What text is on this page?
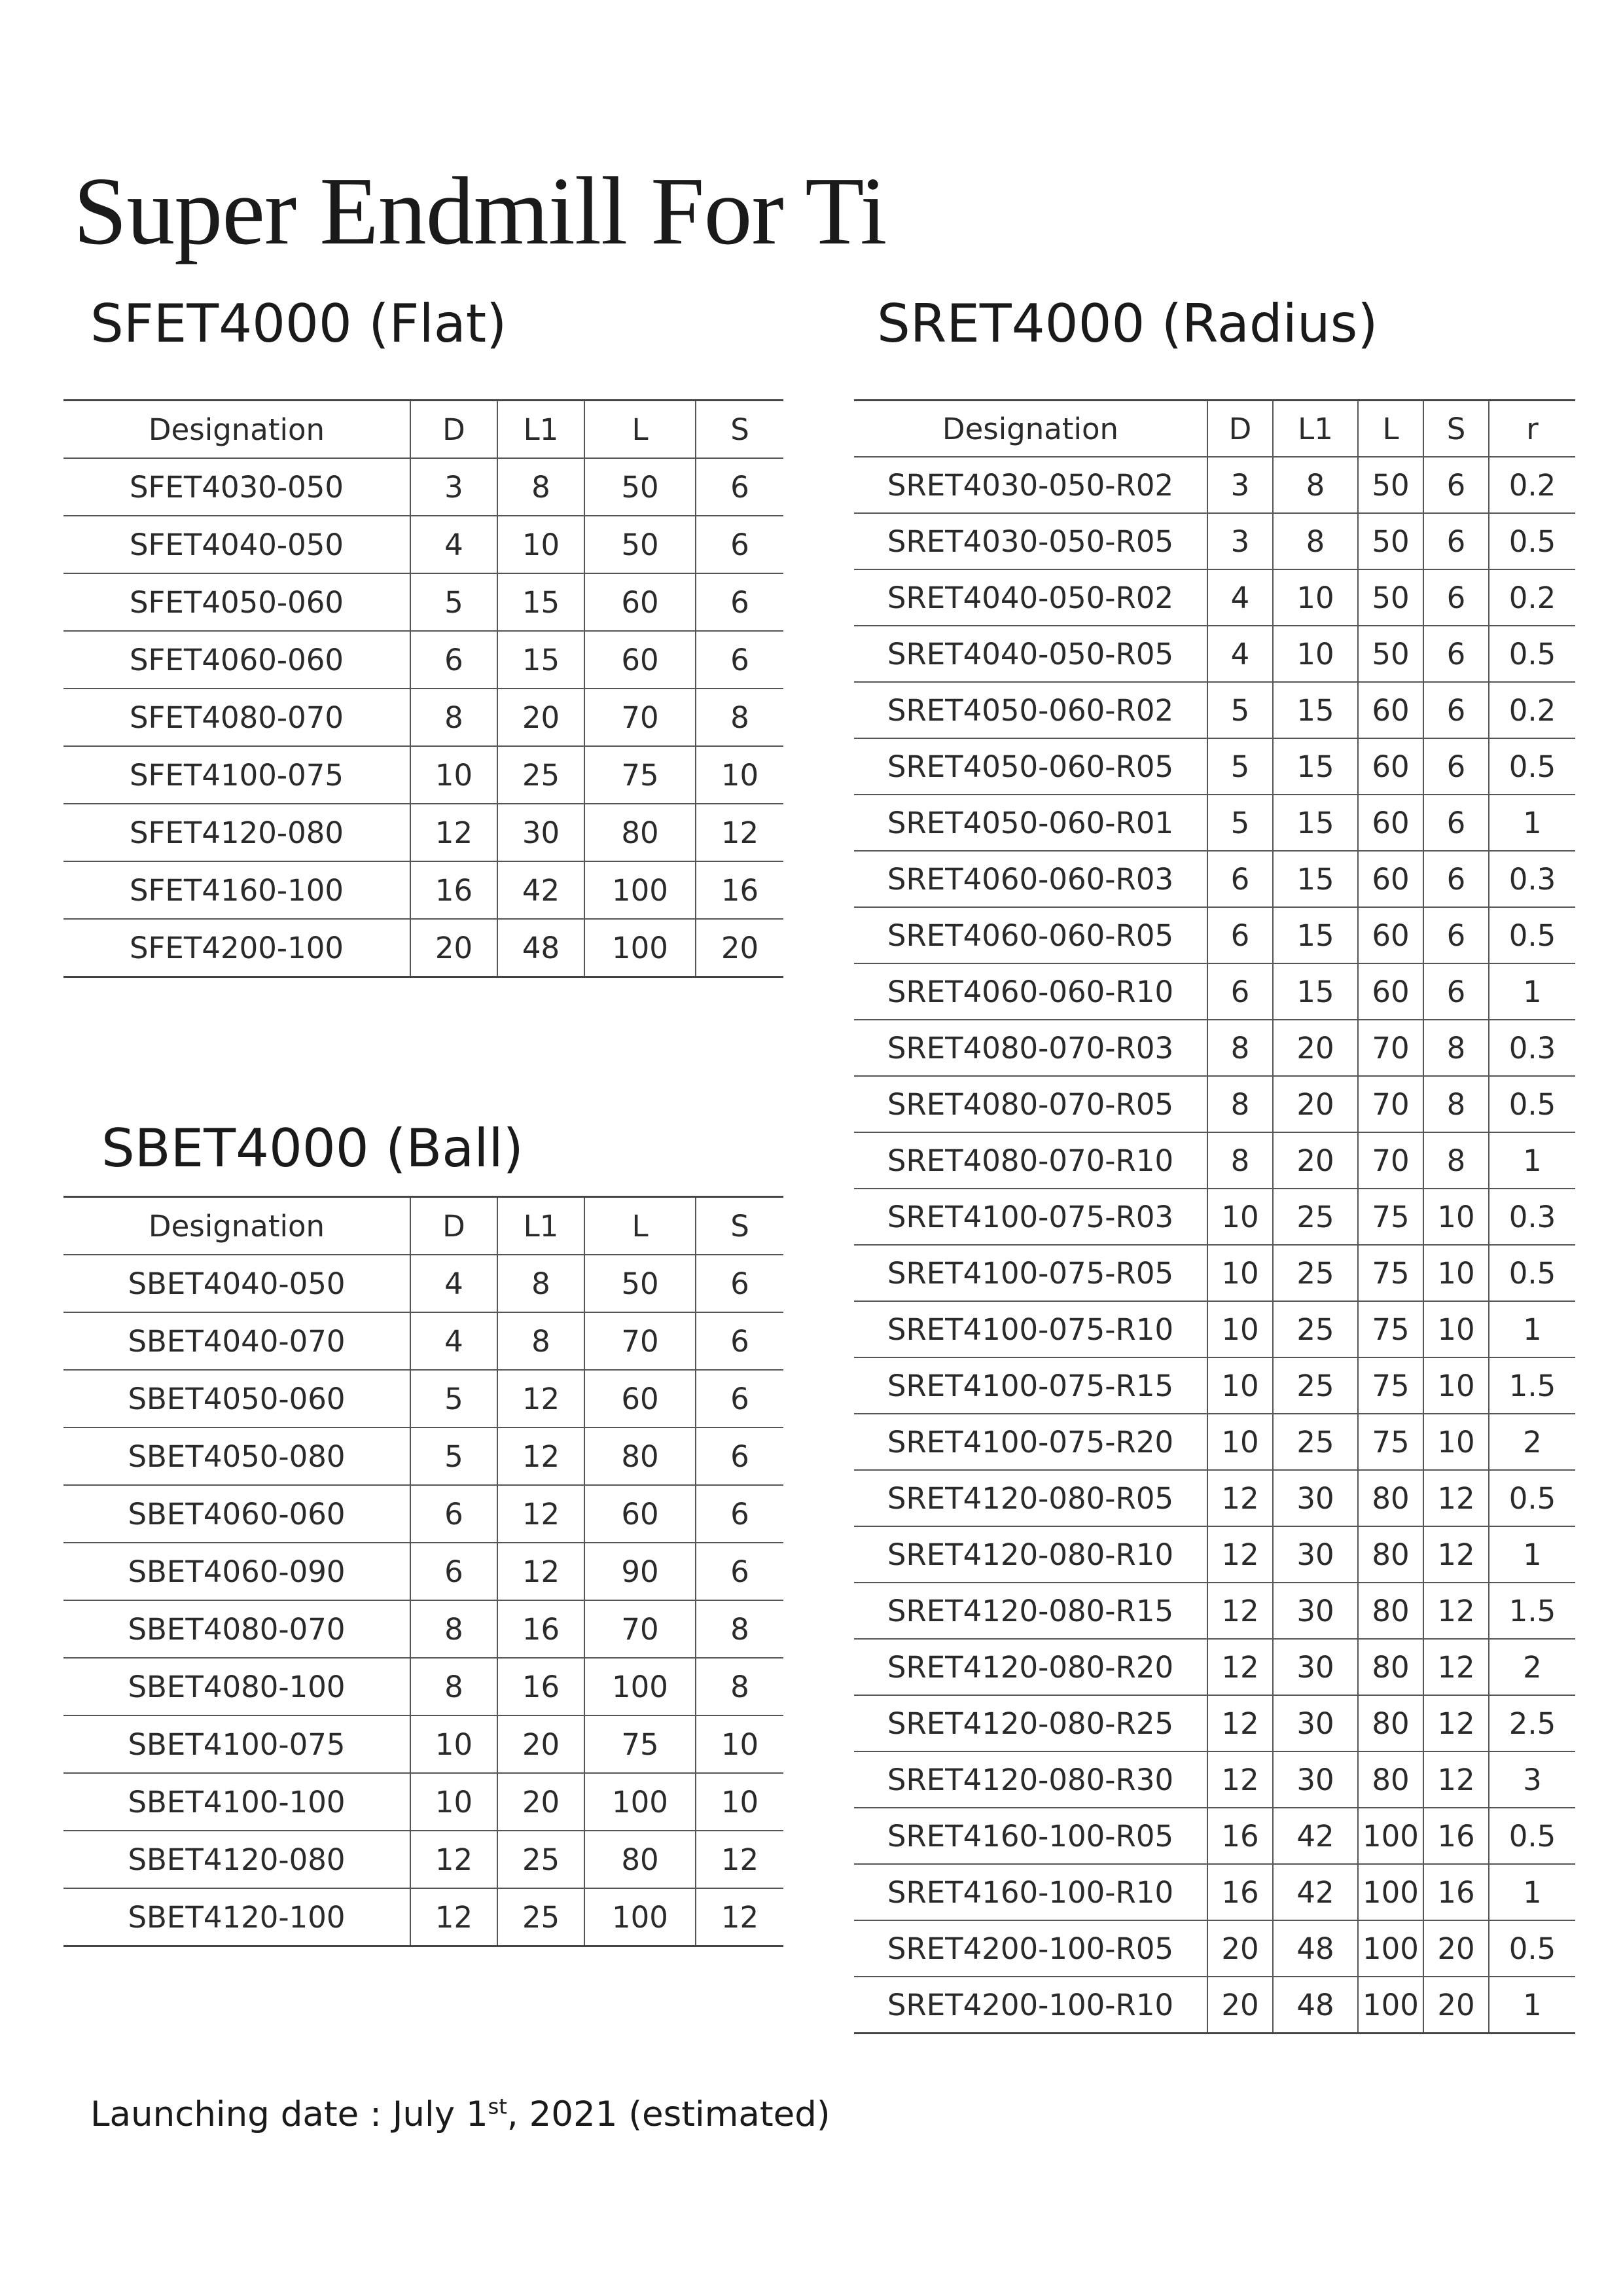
Super Endmill For Ti
SFET4000 (Flat)
Designation	D	L1	L	S
SFET4030-050	3	8	50	6
SFET4040-050	4	10	50	6
SFET4050-060	5	15	60	6
SFET4060-060	6	15	60	6
SFET4080-070	8	20	70	8
SFET4100-075	10	25	75	10
SFET4120-080	12	30	80	12
SFET4160-100	16	42	100	16
SFET4200-100	20	48	100	20
SBET4000 (Ball)
Designation	D	L1	L	S
SBET4040-050	4	8	50	6
SBET4040-070	4	8	70	6
SBET4050-060	5	12	60	6
SBET4050-080	5	12	80	6
SBET4060-060	6	12	60	6
SBET4060-090	6	12	90	6
SBET4080-070	8	16	70	8
SBET4080-100	8	16	100	8
SBET4100-075	10	20	75	10
SBET4100-100	10	20	100	10
SBET4120-080	12	25	80	12
SBET4120-100	12	25	100	12
SRET4000 (Radius)
Designation	D	L1	L	S	r
SRET4030-050-R02	3	8	50	6	0.2
SRET4030-050-R05	3	8	50	6	0.5
SRET4040-050-R02	4	10	50	6	0.2
SRET4040-050-R05	4	10	50	6	0.5
SRET4050-060-R02	5	15	60	6	0.2
SRET4050-060-R05	5	15	60	6	0.5
SRET4050-060-R01	5	15	60	6	1
SRET4060-060-R03	6	15	60	6	0.3
SRET4060-060-R05	6	15	60	6	0.5
SRET4060-060-R10	6	15	60	6	1
SRET4080-070-R03	8	20	70	8	0.3
SRET4080-070-R05	8	20	70	8	0.5
SRET4080-070-R10	8	20	70	8	1
SRET4100-075-R03	10	25	75	10	0.3
SRET4100-075-R05	10	25	75	10	0.5
SRET4100-075-R10	10	25	75	10	1
SRET4100-075-R15	10	25	75	10	1.5
SRET4100-075-R20	10	25	75	10	2
SRET4120-080-R05	12	30	80	12	0.5
SRET4120-080-R10	12	30	80	12	1
SRET4120-080-R15	12	30	80	12	1.5
SRET4120-080-R20	12	30	80	12	2
SRET4120-080-R25	12	30	80	12	2.5
SRET4120-080-R30	12	30	80	12	3
SRET4160-100-R05	16	42	100	16	0.5
SRET4160-100-R10	16	42	100	16	1
SRET4200-100-R05	20	48	100	20	0.5
SRET4200-100-R10	20	48	100	20	1

Launching date : July 1st, 2021 (estimated)
